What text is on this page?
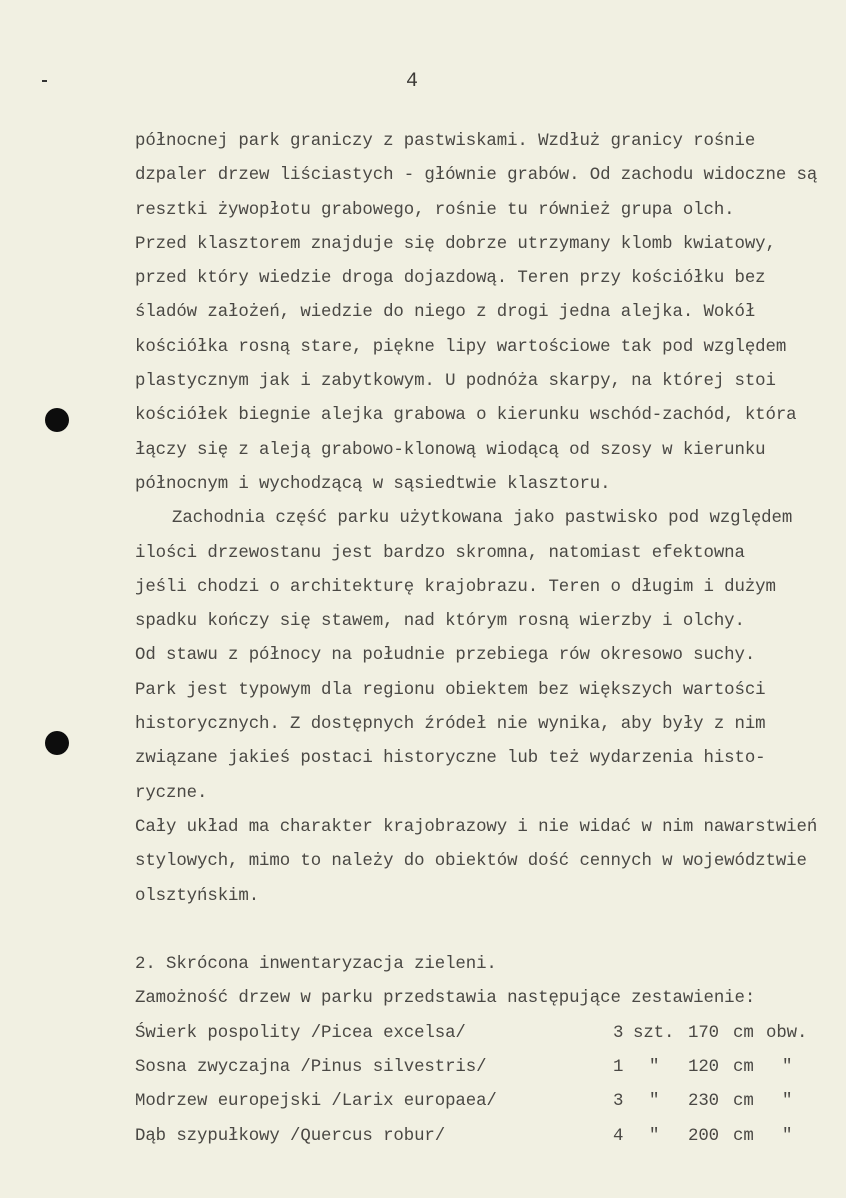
4
północnej park graniczy z pastwiskami. Wzdłuż granicy rośnie
dzpaler drzew liściastych - głównie grabów. Od zachodu widoczne są
resztki żywopłotu grabowego, rośnie tu również grupa olch.
Przed klasztorem znajduje się dobrze utrzymany klomb kwiatowy,
przed który wiedzie droga dojazdową. Teren przy kościółku bez
śladów założeń, wiedzie do niego z drogi jedna alejka. Wokół
kościółka rosną stare, piękne lipy wartościowe tak pod względem
plastycznym jak i zabytkowym. U podnóża skarpy, na której stoi
kościółek biegnie alejka grabowa o kierunku wschód-zachód, która
łączy się z aleją grabowo-klonową wiodącą od szosy w kierunku
północnym i wychodzącą w sąsiedtwie klasztoru.
Zachodnia część parku użytkowana jako pastwisko pod względem
ilości drzewostanu jest bardzo skromna, natomiast efektowna
jeśli chodzi o architekturę krajobrazu. Teren o długim i dużym
spadku kończy się stawem, nad którym rosną wierzby i olchy.
Od stawu z północy na południe przebiega rów okresowo suchy.
Park jest typowym dla regionu obiektem bez większych wartości
historycznych. Z dostępnych źródeł nie wynika, aby były z nim
związane jakieś postaci historyczne lub też wydarzenia histo-
ryczne.
Cały układ ma charakter krajobrazowy i nie widać w nim nawarstwień
stylowych, mimo to należy do obiektów dość cennych w województwie
olsztyńskim.
2. Skrócona inwentaryzacja zieleni.
Zamożność drzew w parku przedstawia następujące zestawienie:
Świerk pospolity /Picea excelsa/	3 szt. 170 cm obw.
Sosna zwyczajna /Pinus silvestris/	1 " 120 cm "
Modrzew europejski /Larix europaea/	3 " 230 cm "
Dąb szypułkowy /Quercus robur/	4 " 200 cm "
